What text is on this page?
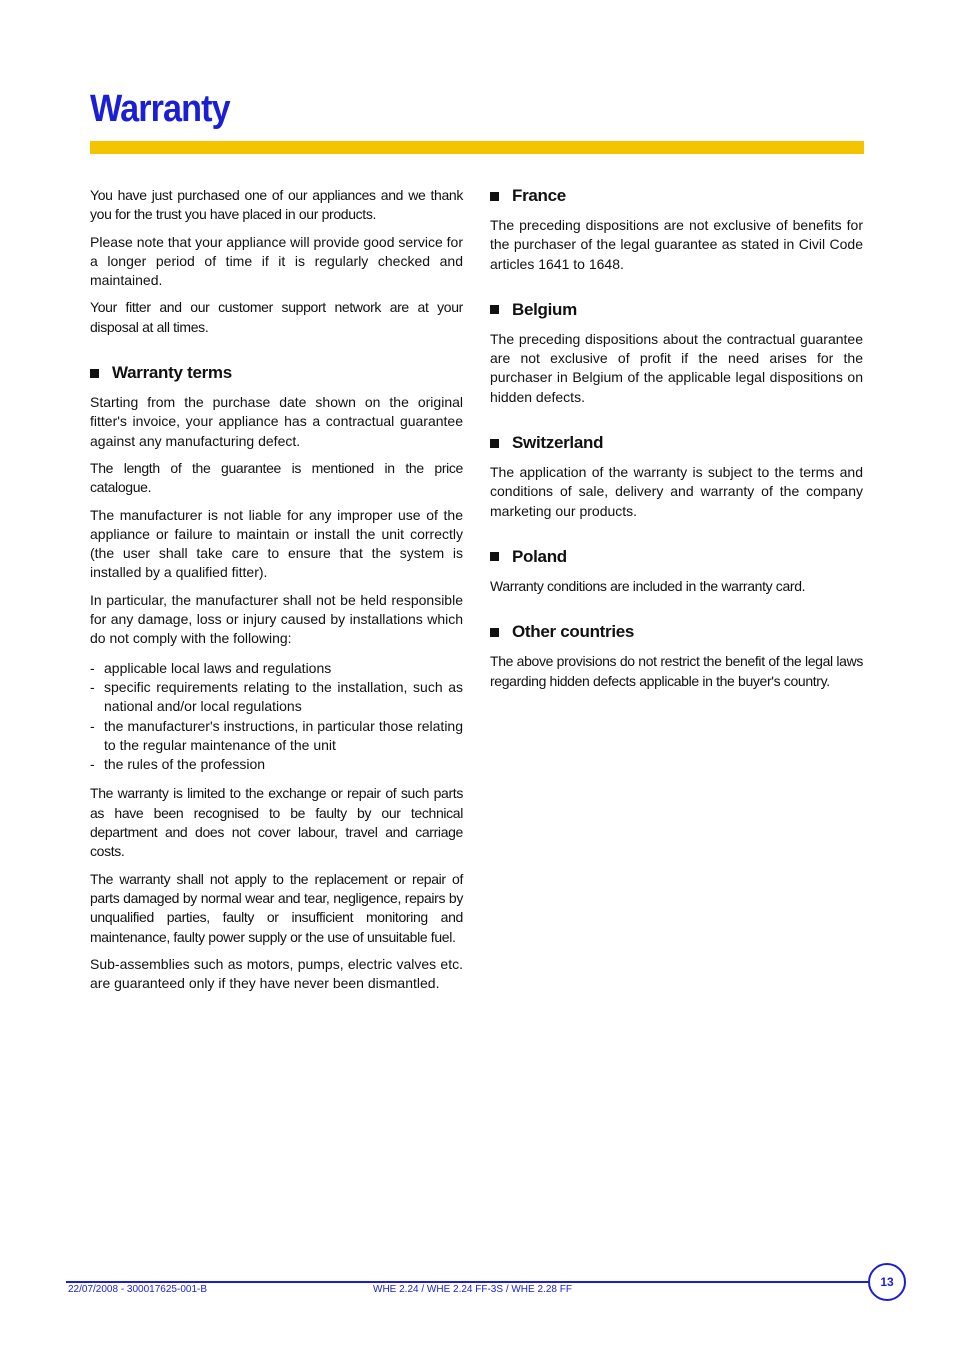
Warranty

You have just purchased one of our appliances and we thank you for the trust you have placed in our products.

Please note that your appliance will provide good service for a longer period of time if it is regularly checked and maintained.

Your fitter and our customer support network are at your disposal at all times.

Warranty terms

Starting from the purchase date shown on the original fitter's invoice, your appliance has a contractual guarantee against any manufacturing defect.

The length of the guarantee is mentioned in the price catalogue.

The manufacturer is not liable for any improper use of the appliance or failure to maintain or install the unit correctly (the user shall take care to ensure that the system is installed by a qualified fitter).

In particular, the manufacturer shall not be held responsible for any damage, loss or injury caused by installations which do not comply with the following:

- applicable local laws and regulations
- specific requirements relating to the installation, such as national and/or local regulations
- the manufacturer's instructions, in particular those relating to the regular maintenance of the unit
- the rules of the profession

The warranty is limited to the exchange or repair of such parts as have been recognised to be faulty by our technical department and does not cover labour, travel and carriage costs.

The warranty shall not apply to the replacement or repair of parts damaged by normal wear and tear, negligence, repairs by unqualified parties, faulty or insufficient monitoring and maintenance, faulty power supply or the use of unsuitable fuel.

Sub-assemblies such as motors, pumps, electric valves etc. are guaranteed only if they have never been dismantled.

France

The preceding dispositions are not exclusive of benefits for the purchaser of the legal guarantee as stated in Civil Code articles 1641 to 1648.

Belgium

The preceding dispositions about the contractual guarantee are not exclusive of profit if the need arises for the purchaser in Belgium of the applicable legal dispositions on hidden defects.

Switzerland

The application of the warranty is subject to the terms and conditions of sale, delivery and warranty of the company marketing our products.

Poland

Warranty conditions are included in the warranty card.

Other countries

The above provisions do not restrict the benefit of the legal laws regarding hidden defects applicable in the buyer's country.

22/07/2008 - 300017625-001-B	WHE 2.24 / WHE 2.24 FF-3S / WHE 2.28 FF
13
